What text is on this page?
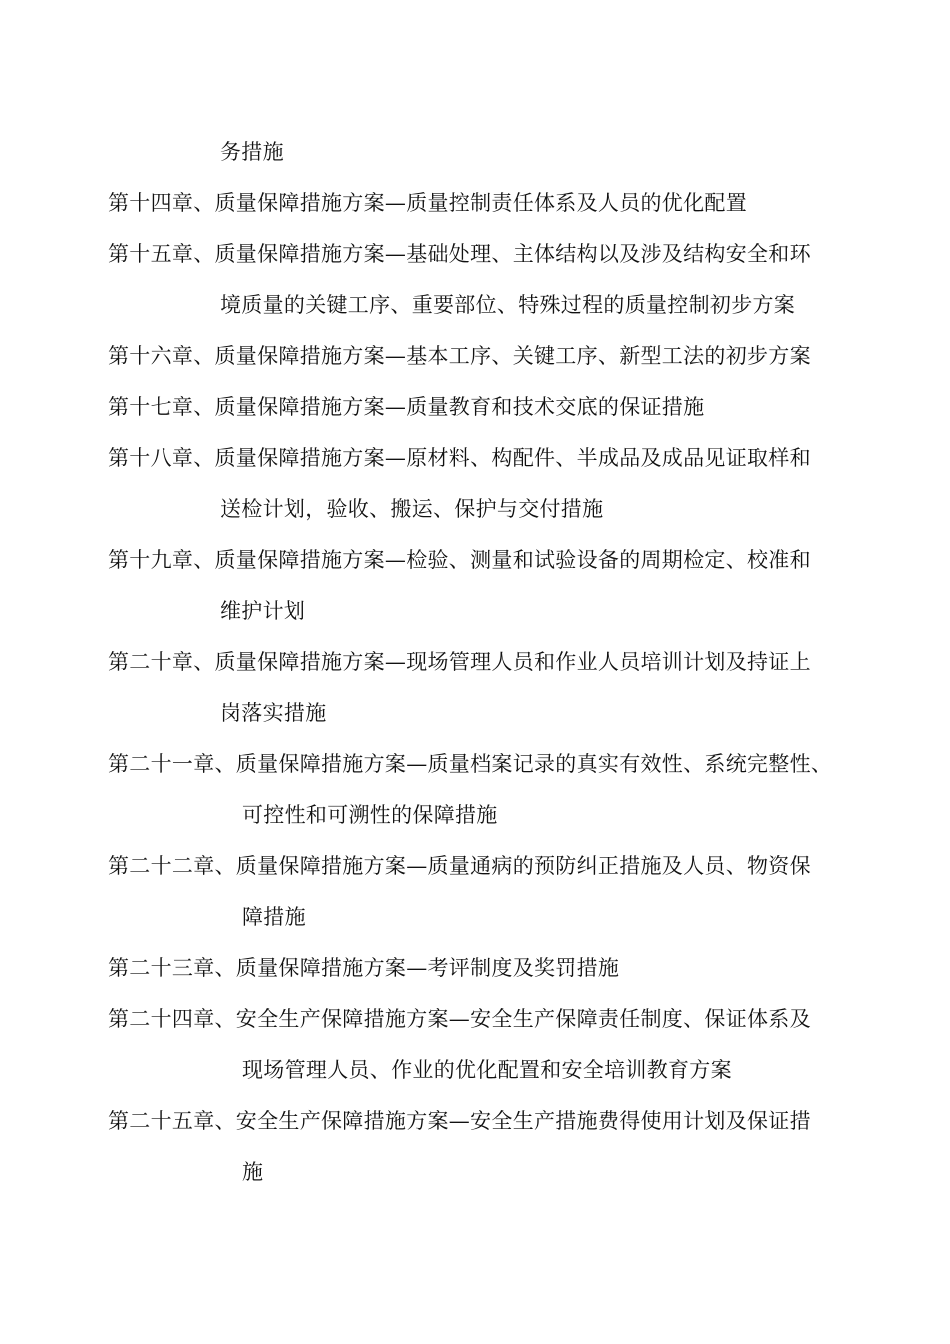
务措施
第十四章、质量保障措施方案—质量控制责任体系及人员的优化配置
第十五章、质量保障措施方案—基础处理、主体结构以及涉及结构安全和环
境质量的关键工序、重要部位、特殊过程的质量控制初步方案
第十六章、质量保障措施方案—基本工序、关键工序、新型工法的初步方案
第十七章、质量保障措施方案—质量教育和技术交底的保证措施
第十八章、质量保障措施方案—原材料、构配件、半成品及成品见证取样和
送检计划，验收、搬运、保护与交付措施
第十九章、质量保障措施方案—检验、测量和试验设备的周期检定、校准和
维护计划
第二十章、质量保障措施方案—现场管理人员和作业人员培训计划及持证上
岗落实措施
第二十一章、质量保障措施方案—质量档案记录的真实有效性、系统完整性、
可控性和可溯性的保障措施
第二十二章、质量保障措施方案—质量通病的预防纠正措施及人员、物资保
障措施
第二十三章、质量保障措施方案—考评制度及奖罚措施
第二十四章、安全生产保障措施方案—安全生产保障责任制度、保证体系及
现场管理人员、作业的优化配置和安全培训教育方案
第二十五章、安全生产保障措施方案—安全生产措施费得使用计划及保证措
施
